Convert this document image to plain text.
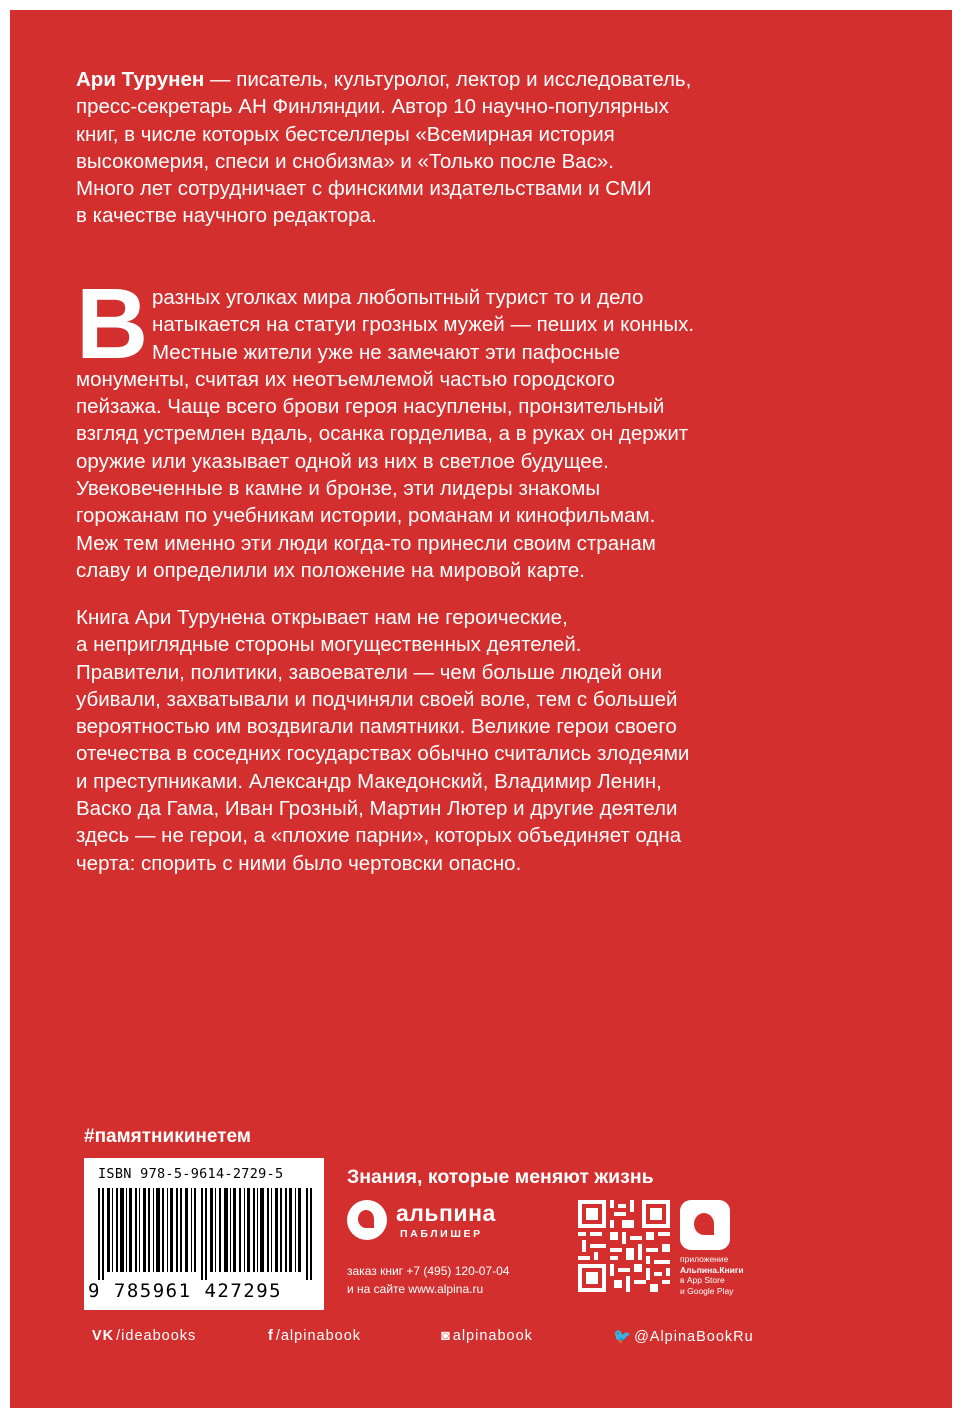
Ари Турунен — писатель, культуролог, лектор и исследователь,
пресс-секретарь АН Финляндии. Автор 10 научно-популярных
книг, в числе которых бестселлеры «Всемирная история
высокомерия, спеси и снобизма» и «Только после Вас».
Много лет сотрудничает с финскими издательствами и СМИ
в качестве научного редактора.
В разных уголках мира любопытный турист то и дело
натыкается на статуи грозных мужей — пеших и конных.
Местные жители уже не замечают эти пафосные
монументы, считая их неотъемлемой частью городского
пейзажа. Чаще всего брови героя насуплены, пронзительный
взгляд устремлен вдаль, осанка горделива, а в руках он держит
оружие или указывает одной из них в светлое будущее.
Увековеченные в камне и бронзе, эти лидеры знакомы
горожанам по учебникам истории, романам и кинофильмам.
Меж тем именно эти люди когда-то принесли своим странам
славу и определили их положение на мировой карте.
Книга Ари Турунена открывает нам не героические,
а неприглядные стороны могущественных деятелей.
Правители, политики, завоеватели — чем больше людей они
убивали, захватывали и подчиняли своей воле, тем с большей
вероятностью им воздвигали памятники. Великие герои своего
отечества в соседних государствах обычно считались злодеями
и преступниками. Александр Македонский, Владимир Ленин,
Васко да Гама, Иван Грозный, Мартин Лютер и другие деятели
здесь — не герои, а «плохие парни», которых объединяет одна
черта: спорить с ними было чертовски опасно.
#памятникинетем
ISBN 978-5-9614-2729-5
9 785961 427295
Знания, которые меняют жизнь
альпина
ПАБЛИШЕР
заказ книг +7 (495) 120-07-04
и на сайте www.alpina.ru
приложение
Альпина.Книги
в App Store
и Google Play
VK /ideabooks	f /alpinabook	◙ alpinabook	🐦 @AlpinaBookRu
